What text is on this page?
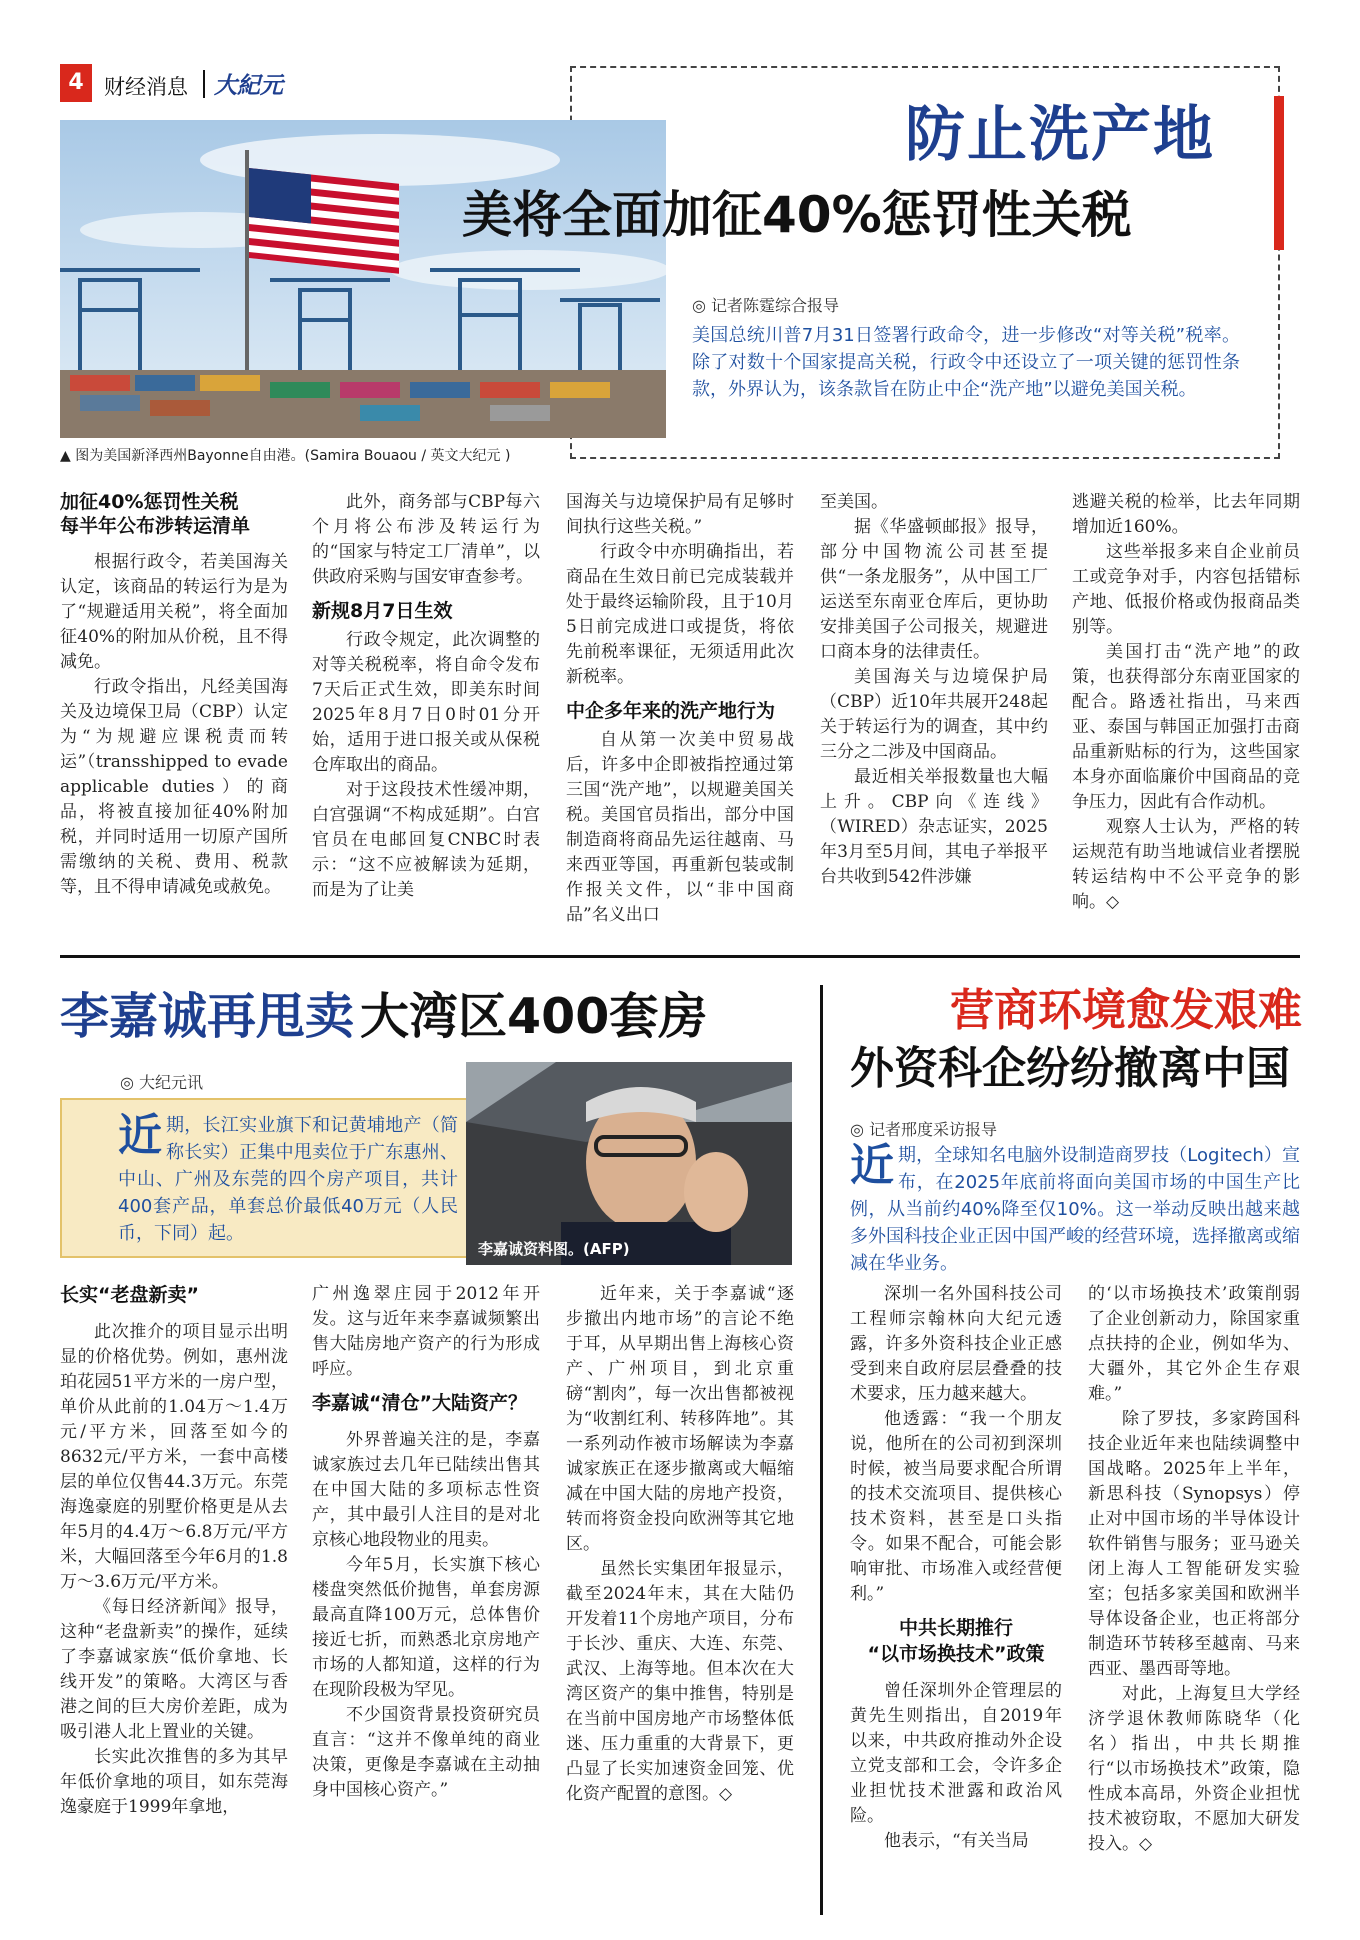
4 财经消息 大紀元
防止洗产地
美将全面加征40%惩罚性关税
◎ 记者陈霆综合报导
美国总统川普7月31日签署行政命令，进一步修改“对等关税”税率。除了对数十个国家提高关税，行政令中还设立了一项关键的惩罚性条款，外界认为，该条款旨在防止中企“洗产地”以避免美国关税。
▲ 图为美国新泽西州Bayonne自由港。(Samira Bouaou / 英文大纪元 )
加征40%惩罚性关税
每半年公布涉转运清单

根据行政令，若美国海关认定，该商品的转运行为是为了“规避适用关税”，将全面加征40%的附加从价税，且不得减免。

行政令指出，凡经美国海关及边境保卫局（CBP）认定为“为规避应课税责而转运”（transshipped to evade applicable duties）的商品，将被直接加征40%附加税，并同时适用一切原产国所需缴纳的关税、费用、税款等，且不得申请减免或赦免。

此外，商务部与CBP每六个月将公布涉及转运行为的“国家与特定工厂清单”，以供政府采购与国安审查参考。

新规8月7日生效

行政令规定，此次调整的对等关税税率，将自命令发布7天后正式生效，即美东时间2025年8月7日0时01分开始，适用于进口报关或从保税仓库取出的商品。

对于这段技术性缓冲期，白宫强调“不构成延期”。白宫官员在电邮回复CNBC时表示：“这不应被解读为延期，而是为了让美

国海关与边境保护局有足够时间执行这些关税。”

行政令中亦明确指出，若商品在生效日前已完成装载并处于最终运输阶段，且于10月5日前完成进口或提货，将依先前税率课征，无须适用此次新税率。

中企多年来的洗产地行为

自从第一次美中贸易战后，许多中企即被指控通过第三国“洗产地”，以规避美国关税。美国官员指出，部分中国制造商将商品先运往越南、马来西亚等国，再重新包装或制作报关文件，以“非中国商品”名义出口

至美国。

据《华盛顿邮报》报导，部分中国物流公司甚至提供“一条龙服务”，从中国工厂运送至东南亚仓库后，更协助安排美国子公司报关，规避进口商本身的法律责任。

美国海关与边境保护局（CBP）近10年共展开248起关于转运行为的调查，其中约三分之二涉及中国商品。

最近相关举报数量也大幅上升。CBP向《连线》（WIRED）杂志证实，2025年3月至5月间，其电子举报平台共收到542件涉嫌

逃避关税的检举，比去年同期增加近160%。

这些举报多来自企业前员工或竞争对手，内容包括错标产地、低报价格或伪报商品类别等。

美国打击“洗产地”的政策，也获得部分东南亚国家的配合。路透社指出，马来西亚、泰国与韩国正加强打击商品重新贴标的行为，这些国家本身亦面临廉价中国商品的竞争压力，因此有合作动机。

观察人士认为，严格的转运规范有助当地诚信业者摆脱转运结构中不公平竞争的影响。◇

李嘉诚再甩卖 大湾区400套房
◎ 大纪元讯
近期，长江实业旗下和记黄埔地产（简称长实）正集中甩卖位于广东惠州、中山、广州及东莞的四个房产项目，共计400套产品，单套总价最低40万元（人民币，下同）起。
李嘉诚资料图。(AFP)
长实“老盘新卖”

此次推介的项目显示出明显的价格优势。例如，惠州泷珀花园51平方米的一房户型，单价从此前的1.04万～1.4万元/平方米，回落至如今的8632元/平方米，一套中高楼层的单位仅售44.3万元。东莞海逸豪庭的别墅价格更是从去年5月的4.4万～6.8万元/平方米，大幅回落至今年6月的1.8万～3.6万元/平方米。

《每日经济新闻》报导，这种“老盘新卖”的操作，延续了李嘉诚家族“低价拿地、长线开发”的策略。大湾区与香港之间的巨大房价差距，成为吸引港人北上置业的关键。

长实此次推售的多为其早年低价拿地的项目，如东莞海逸豪庭于1999年拿地，

广州逸翠庄园于2012年开发。这与近年来李嘉诚频繁出售大陆房地产资产的行为形成呼应。

李嘉诚“清仓”大陆资产？

外界普遍关注的是，李嘉诚家族过去几年已陆续出售其在中国大陆的多项标志性资产，其中最引人注目的是对北京核心地段物业的甩卖。

今年5月，长实旗下核心楼盘突然低价抛售，单套房源最高直降100万元，总体售价接近七折，而熟悉北京房地产市场的人都知道，这样的行为在现阶段极为罕见。

不少国资背景投资研究员直言：“这并不像单纯的商业决策，更像是李嘉诚在主动抽身中国核心资产。”

近年来，关于李嘉诚“逐步撤出内地市场”的言论不绝于耳，从早期出售上海核心资产、广州项目，到北京重磅“割肉”，每一次出售都被视为“收割红利、转移阵地”。其一系列动作被市场解读为李嘉诚家族正在逐步撤离或大幅缩减在中国大陆的房地产投资，转而将资金投向欧洲等其它地区。

虽然长实集团年报显示，截至2024年末，其在大陆仍开发着11个房地产项目，分布于长沙、重庆、大连、东莞、武汉、上海等地。但本次在大湾区资产的集中推售，特别是在当前中国房地产市场整体低迷、压力重重的大背景下，更凸显了长实加速资金回笼、优化资产配置的意图。◇

营商环境愈发艰难
外资科企纷纷撤离中国
◎ 记者邢度采访报导
近期，全球知名电脑外设制造商罗技（Logitech）宣布，在2025年底前将面向美国市场的中国生产比例，从当前约40%降至仅10%。这一举动反映出越来越多外国科技企业正因中国严峻的经营环境，选择撤离或缩减在华业务。

深圳一名外国科技公司工程师宗翰林向大纪元透露，许多外资科技企业正感受到来自政府层层叠叠的技术要求，压力越来越大。

他透露：“我一个朋友说，他所在的公司初到深圳时候，被当局要求配合所谓的技术交流项目、提供核心技术资料，甚至是口头指令。如果不配合，可能会影响审批、市场准入或经营便利。”

中共长期推行
“以市场换技术”政策

曾任深圳外企管理层的黄先生则指出，自2019年以来，中共政府推动外企设立党支部和工会，令许多企业担忧技术泄露和政治风险。

他表示，“有关当局

的‘以市场换技术’政策削弱了企业创新动力，除国家重点扶持的企业，例如华为、大疆外，其它外企生存艰难。”

除了罗技，多家跨国科技企业近年来也陆续调整中国战略。2025年上半年，新思科技（Synopsys）停止对中国市场的半导体设计软件销售与服务；亚马逊关闭上海人工智能研发实验室；包括多家美国和欧洲半导体设备企业，也正将部分制造环节转移至越南、马来西亚、墨西哥等地。

对此，上海复旦大学经济学退休教师陈晓华（化名）指出，中共长期推行“以市场换技术”政策，隐性成本高昂，外资企业担忧技术被窃取，不愿加大研发投入。◇
